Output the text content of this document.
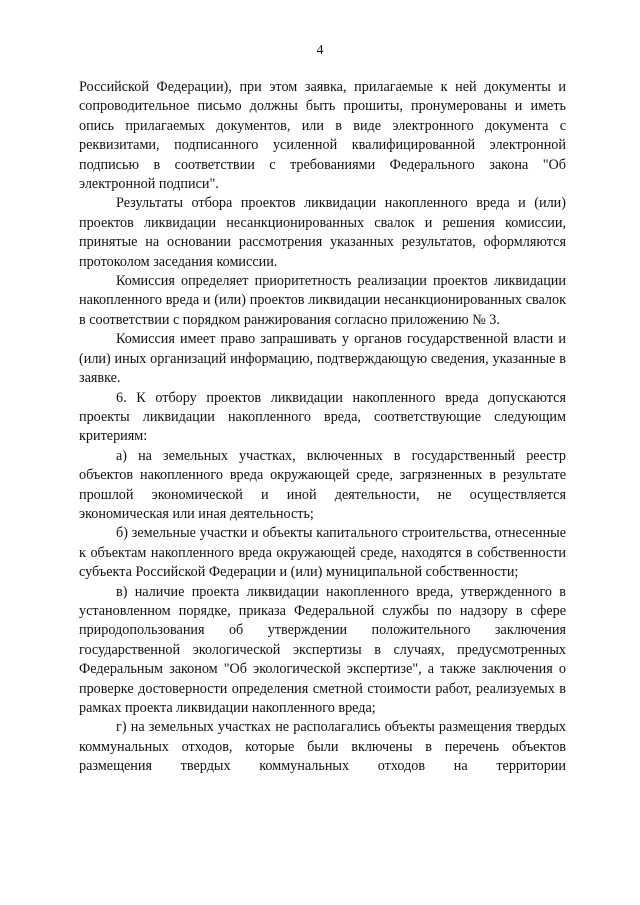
4

Российской Федерации), при этом заявка, прилагаемые к ней документы и сопроводительное письмо должны быть прошиты, пронумерованы и иметь опись прилагаемых документов, или в виде электронного документа с реквизитами, подписанного усиленной квалифицированной электронной подписью в соответствии с требованиями Федерального закона "Об электронной подписи".

Результаты отбора проектов ликвидации накопленного вреда и (или) проектов ликвидации несанкционированных свалок и решения комиссии, принятые на основании рассмотрения указанных результатов, оформляются протоколом заседания комиссии.

Комиссия определяет приоритетность реализации проектов ликвидации накопленного вреда и (или) проектов ликвидации несанкционированных свалок в соответствии с порядком ранжирования согласно приложению № 3.

Комиссия имеет право запрашивать у органов государственной власти и (или) иных организаций информацию, подтверждающую сведения, указанные в заявке.

6. К отбору проектов ликвидации накопленного вреда допускаются проекты ликвидации накопленного вреда, соответствующие следующим критериям:

а) на земельных участках, включенных в государственный реестр объектов накопленного вреда окружающей среде, загрязненных в результате прошлой экономической и иной деятельности, не осуществляется экономическая или иная деятельность;

б) земельные участки и объекты капитального строительства, отнесенные к объектам накопленного вреда окружающей среде, находятся в собственности субъекта Российской Федерации и (или) муниципальной собственности;

в) наличие проекта ликвидации накопленного вреда, утвержденного в установленном порядке, приказа Федеральной службы по надзору в сфере природопользования об утверждении положительного заключения государственной экологической экспертизы в случаях, предусмотренных Федеральным законом "Об экологической экспертизе", а также заключения о проверке достоверности определения сметной стоимости работ, реализуемых в рамках проекта ликвидации накопленного вреда;

г) на земельных участках не располагались объекты размещения твердых коммунальных отходов, которые были включены в перечень объектов размещения твердых коммунальных отходов на территории
